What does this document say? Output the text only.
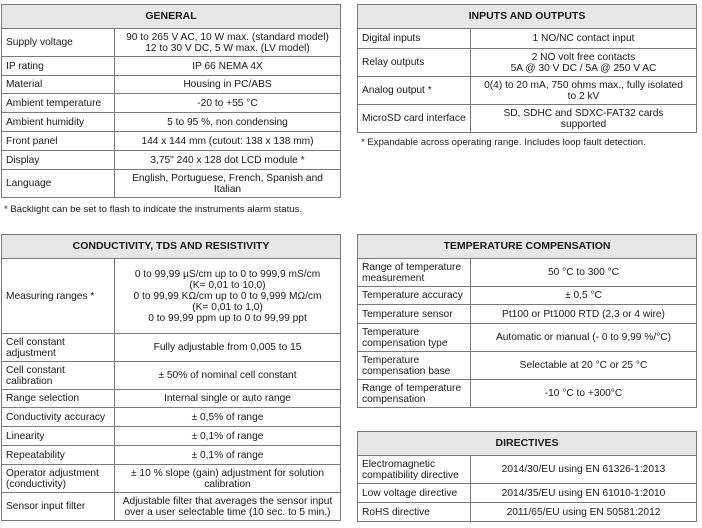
GENERAL	
Supply voltage	90 to 265 V AC, 10 W max. (standard model)
12 to 30 V DC, 5 W max. (LV model)
IP rating	IP 66 NEMA 4X
Material	Housing in PC/ABS
Ambient temperature	-20 to +55 °C
Ambient humidity	5 to 95 %, non condensing
Front panel	144 x 144 mm (cutout: 138 x 138 mm)
Display	3,75" 240 x 128 dot LCD module *
Language	English, Portuguese, French, Spanish and
Italian
* Backlight can be set to flash to indicate the instruments alarm status.
INPUTS AND OUTPUTS	
Digital inputs	1 NO/NC contact input
Relay outputs	2 NO volt free contacts
5A @ 30 V DC / 5A @ 250 V AC
Analog output *	0(4) to 20 mA, 750 ohms max., fully isolated
to 2 kV
MicroSD card interface	SD, SDHC and SDXC-FAT32 cards
supported
* Expandable across operating range. Includes loop fault detection.
CONDUCTIVITY, TDS AND RESISTIVITY	
Measuring ranges *	0 to 99,99 µS/cm up to 0 to 999,9 mS/cm
(K= 0,01 to 10,0)
0 to 99,99 KΩ/cm up to 0 to 9,999 MΩ/cm
(K= 0,01 to 1,0)
0 to 99,99 ppm up to 0 to 99,99 ppt
Cell constant
adjustment	Fully adjustable from 0,005 to 15
Cell constant
calibration	± 50% of nominal cell constant
Range selection	Internal single or auto range
Conductivity accuracy	± 0,5% of range
Linearity	± 0,1% of range
Repeatability	± 0,1% of range
Operator adjustment
(conductivity)	± 10 % slope (gain) adjustment for solution
calibration
Sensor input filter	Adjustable filter that averages the sensor input
over a user selectable time (10 sec. to 5 min.)
TEMPERATURE COMPENSATION	
Range of temperature
measurement	50 °C to 300 °C
Temperature accuracy	± 0,5 °C
Temperature sensor	Pt100 or Pt1000 RTD (2,3 or 4 wire)
Temperature
compensation type	Automatic or manual (- 0 to 9,99 %/°C)
Temperature
compensation base	Selectable at 20 °C or 25 °C
Range of temperature
compensation	-10 °C to +300°C
DIRECTIVES	
Electromagnetic
compatibility directive	2014/30/EU using EN 61326-1:2013
Low voltage directive	2014/35/EU using EN 61010-1:2010
RoHS directive	2011/65/EU using EN 50581:2012
